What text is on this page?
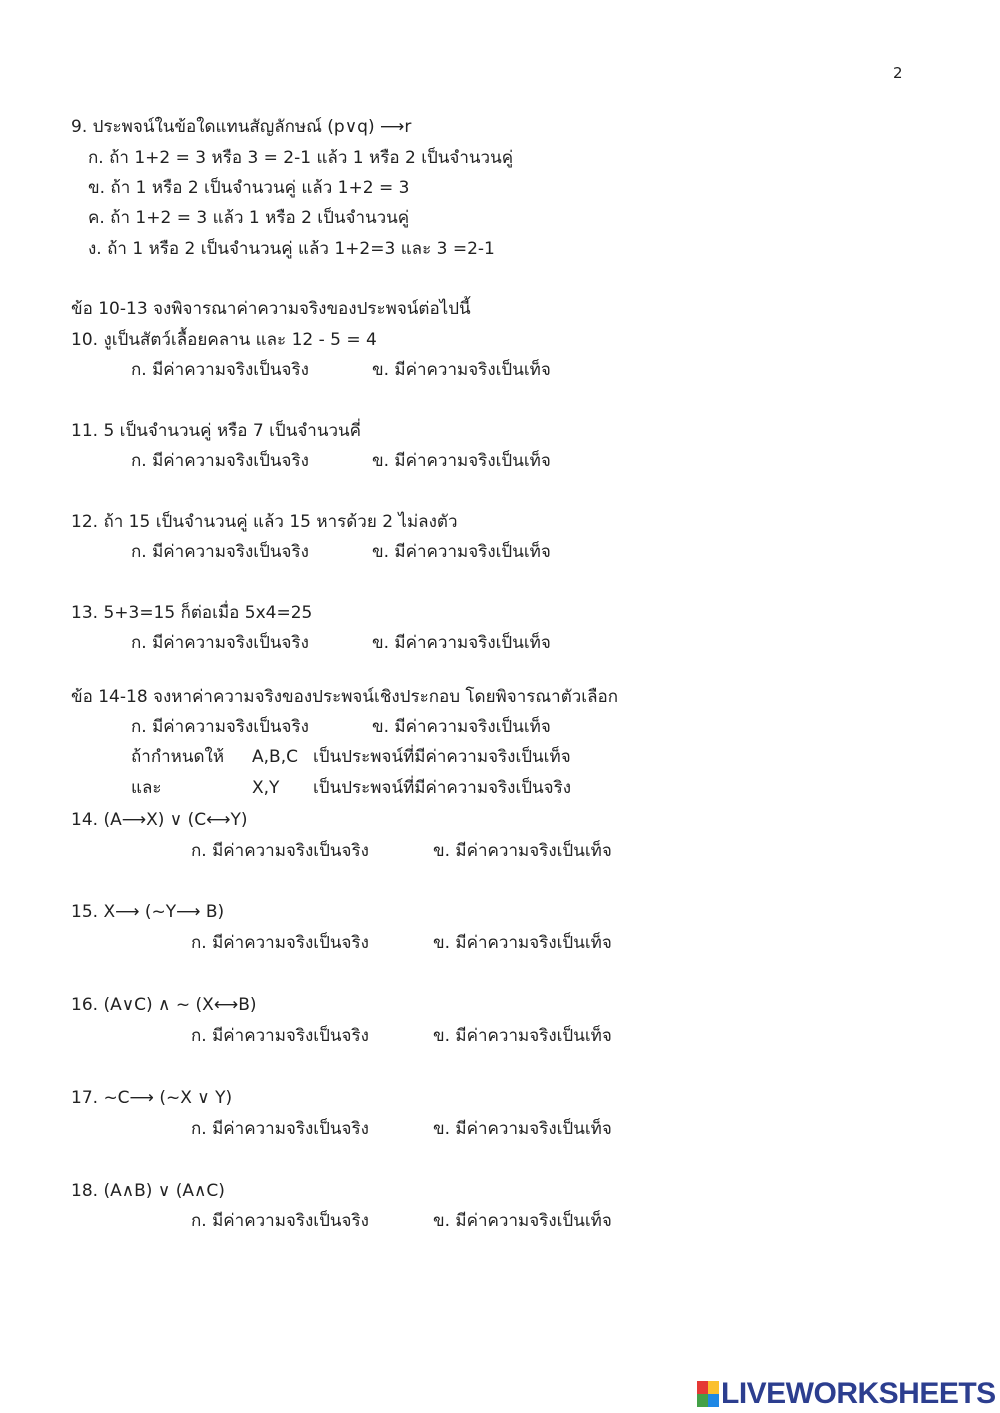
2
9. ประพจน์ในข้อใดแทนสัญลักษณ์ (p∨q) ⟶r
ก. ถ้า 1+2 = 3 หรือ 3 = 2-1 แล้ว 1 หรือ 2 เป็นจำนวนคู่
ข. ถ้า 1 หรือ 2 เป็นจำนวนคู่ แล้ว 1+2 = 3
ค. ถ้า 1+2 = 3 แล้ว 1 หรือ 2 เป็นจำนวนคู่
ง. ถ้า 1 หรือ 2 เป็นจำนวนคู่ แล้ว 1+2=3 และ 3 =2-1
ข้อ 10-13 จงพิจารณาค่าความจริงของประพจน์ต่อไปนี้
10. งูเป็นสัตว์เลื้อยคลาน และ 12 - 5 = 4
ก. มีค่าความจริงเป็นจริง	ข. มีค่าความจริงเป็นเท็จ
11. 5 เป็นจำนวนคู่ หรือ 7 เป็นจำนวนคี่
ก. มีค่าความจริงเป็นจริง	ข. มีค่าความจริงเป็นเท็จ
12. ถ้า 15 เป็นจำนวนคู่ แล้ว 15 หารด้วย 2 ไม่ลงตัว
ก. มีค่าความจริงเป็นจริง	ข. มีค่าความจริงเป็นเท็จ
13. 5+3=15 ก็ต่อเมื่อ 5x4=25
ก. มีค่าความจริงเป็นจริง	ข. มีค่าความจริงเป็นเท็จ
ข้อ 14-18 จงหาค่าความจริงของประพจน์เชิงประกอบ โดยพิจารณาตัวเลือก
ก. มีค่าความจริงเป็นจริง	ข. มีค่าความจริงเป็นเท็จ
ถ้ากำหนดให้ A,B,C เป็นประพจน์ที่มีค่าความจริงเป็นเท็จ
และ	X,Y เป็นประพจน์ที่มีค่าความจริงเป็นจริง
14. (A⟶X) ∨ (C⟷Y)
ก. มีค่าความจริงเป็นจริง	ข. มีค่าความจริงเป็นเท็จ
15. X⟶ (~Y⟶ B)
ก. มีค่าความจริงเป็นจริง	ข. มีค่าความจริงเป็นเท็จ
16. (A∨C) ∧ ~ (X⟷B)
ก. มีค่าความจริงเป็นจริง	ข. มีค่าความจริงเป็นเท็จ
17. ~C⟶ (~X ∨ Y)
ก. มีค่าความจริงเป็นจริง	ข. มีค่าความจริงเป็นเท็จ
18. (A∧B) ∨ (A∧C)
ก. มีค่าความจริงเป็นจริง	ข. มีค่าความจริงเป็นเท็จ
LIVEWORKSHEETS
